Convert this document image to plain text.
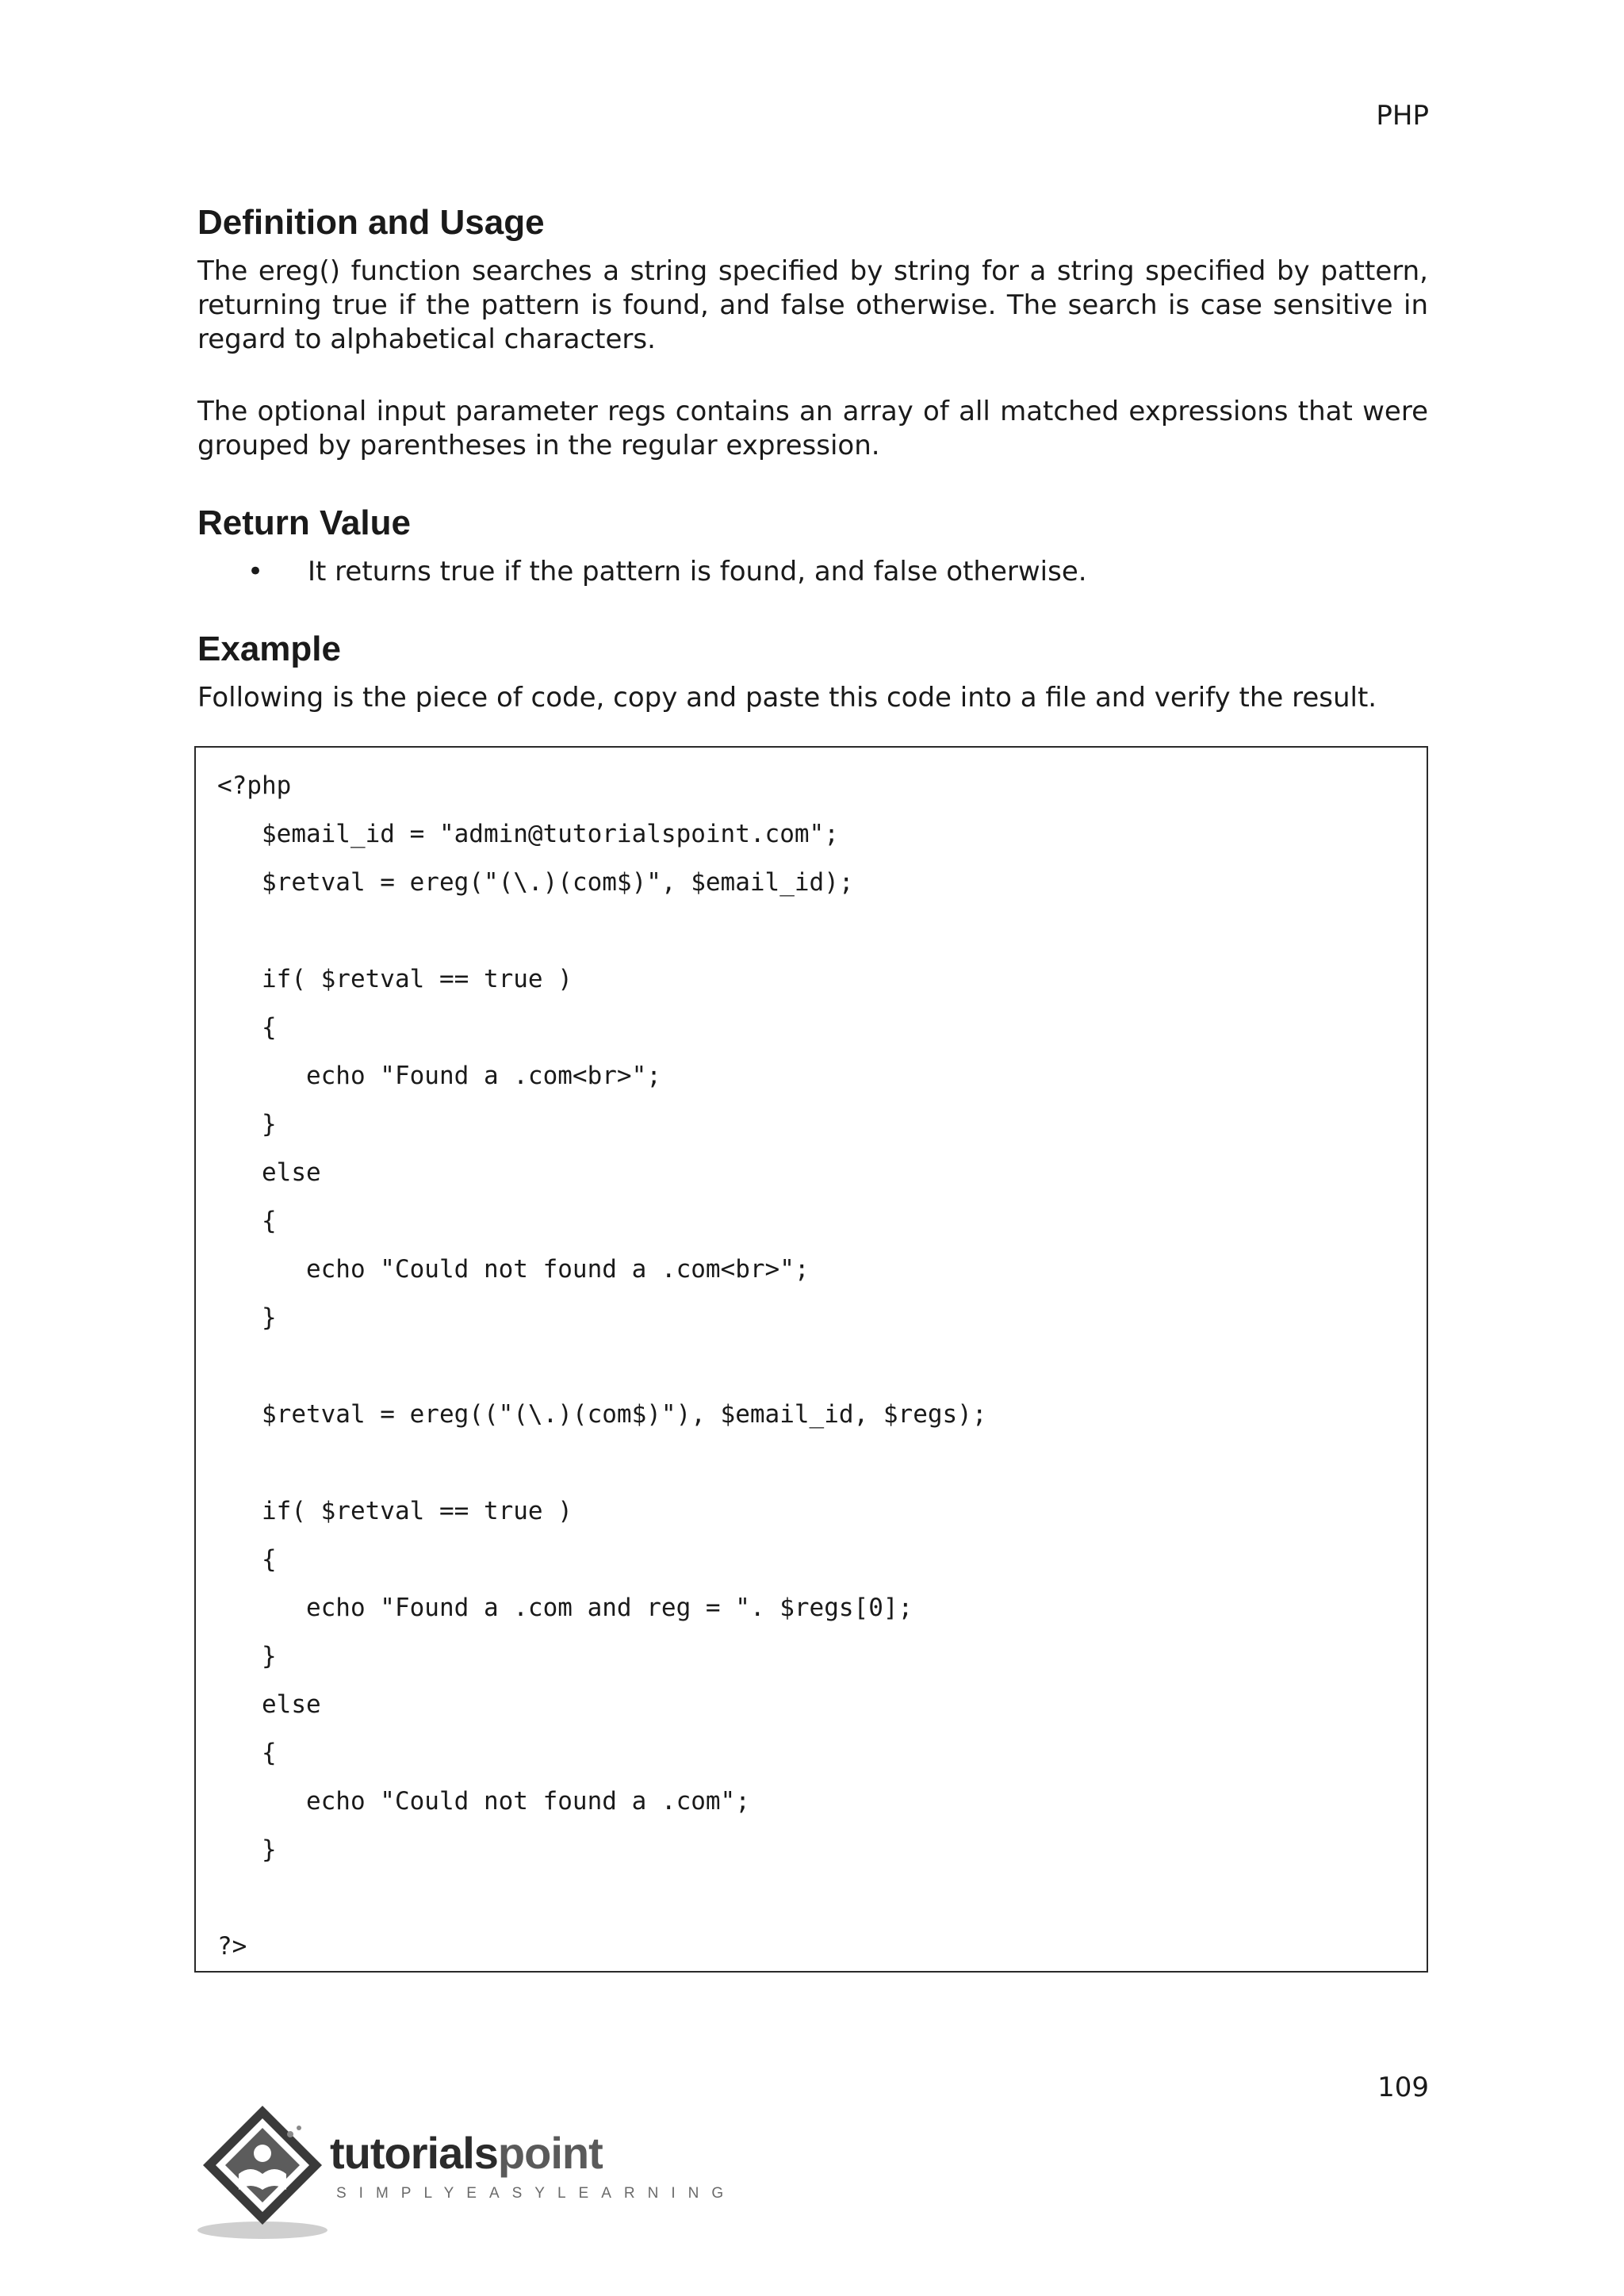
PHP
Definition and Usage

The ereg() function searches a string specified by string for a string specified by pattern, returning true if the pattern is found, and false otherwise. The search is case sensitive in regard to alphabetical characters.

The optional input parameter regs contains an array of all matched expressions that were grouped by parentheses in the regular expression.

Return Value
• It returns true if the pattern is found, and false otherwise.
Example

Following is the piece of code, copy and paste this code into a file and verify the result.

<?php
$email_id = "admin@tutorialspoint.com";
$retval = ereg("(\.)(com$)", $email_id);
if( $retval == true )
{
echo "Found a .com<br>";
}
else
{
echo "Could not found a .com<br>";
}
$retval = ereg(("(\.)(com$)"), $email_id, $regs);
if( $retval == true )
{
echo "Found a .com and reg = ". $regs[0];
}
else
{
echo "Could not found a .com";
}
?>
109
tutorialspoint
SIMPLYEASYLEARNING
